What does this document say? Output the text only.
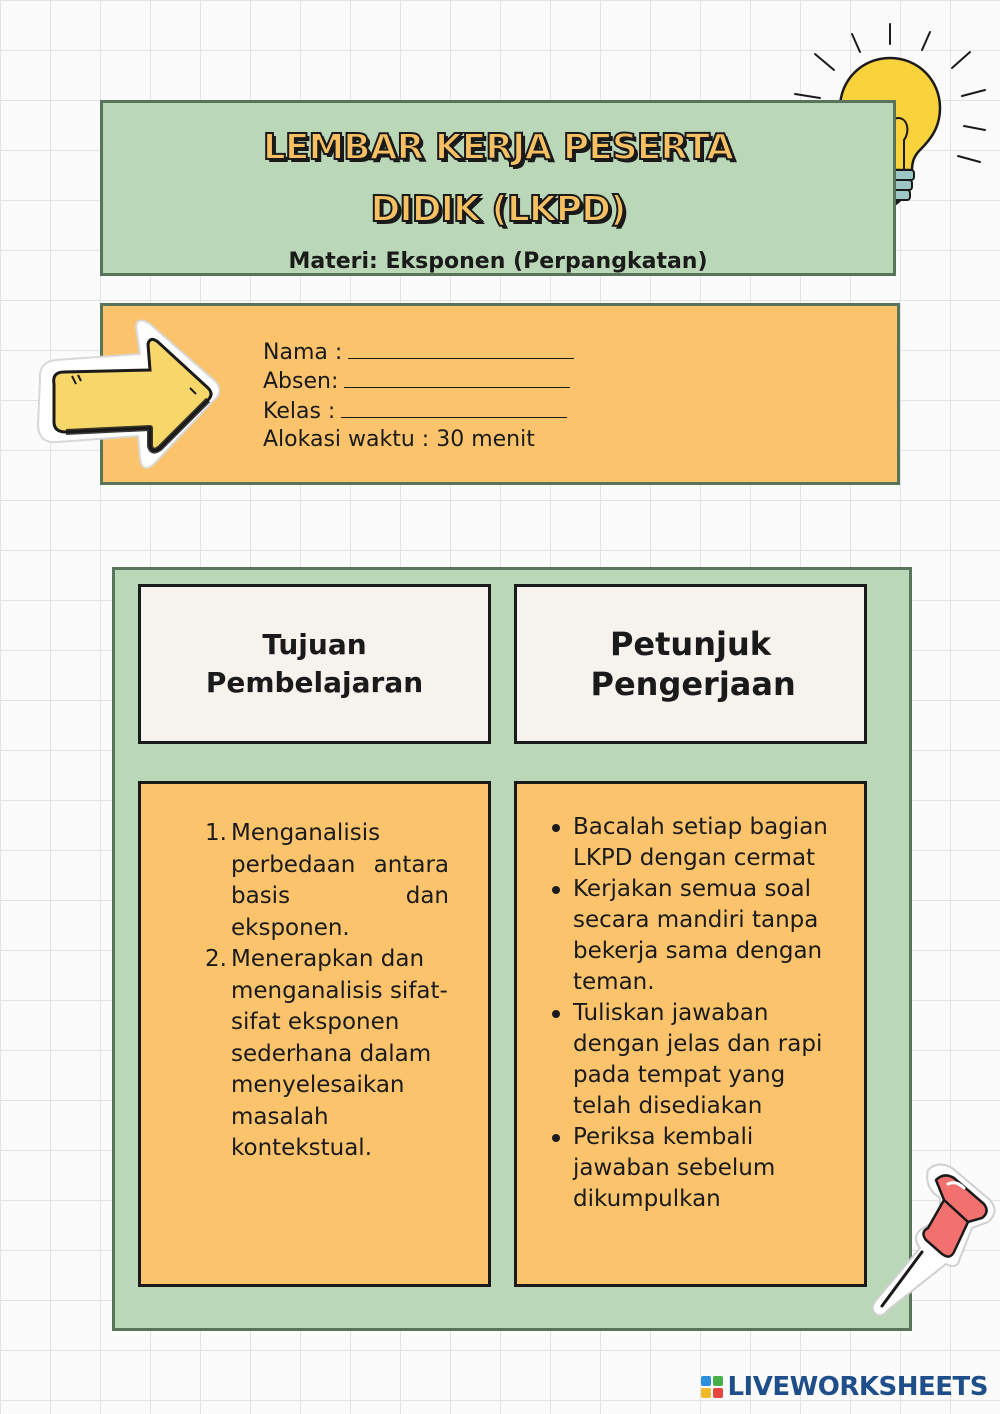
LEMBAR KERJA PESERTA
DIDIK (LKPD)
Materi: Eksponen (Perpangkatan)
Nama :
Absen:
Kelas :
Alokasi waktu : 30 menit
Tujuan Pembelajaran
Petunjuk Pengerjaan
1. Menganalisis perbedaan antara basis dan eksponen.
2. Menerapkan dan menganalisis sifat-sifat eksponen sederhana dalam menyelesaikan masalah kontekstual.
Bacalah setiap bagian LKPD dengan cermat
Kerjakan semua soal secara mandiri tanpa bekerja sama dengan teman.
Tuliskan jawaban dengan jelas dan rapi pada tempat yang telah disediakan
Periksa kembali jawaban sebelum dikumpulkan
LIVEWORKSHEETS
